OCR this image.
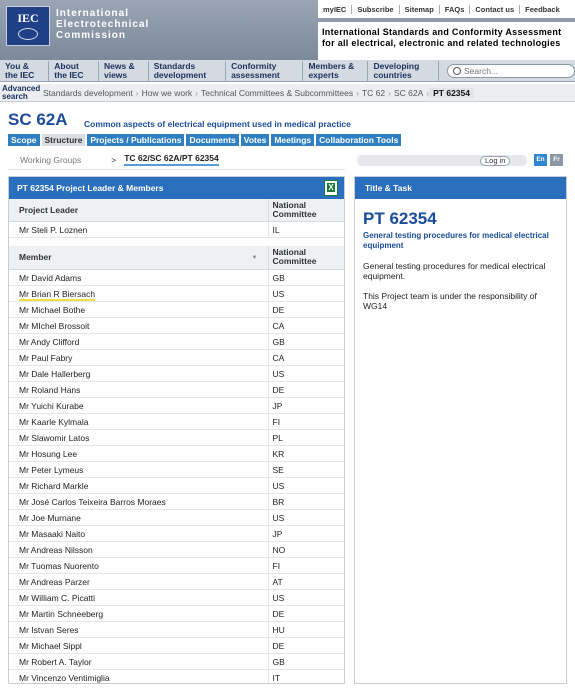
IEC	International Electrotechnical Commission
myIEC	Subscribe	Sitemap	FAQs	Contact us	Feedback
International Standards and Conformity Assessment for all electrical, electronic and related technologies
You & the IEC
About the IEC
News & views
Standards development
Conformity assessment
Members & experts
Developing countries
Search...
Advanced search	Standards development › How we work › Technical Committees & Subcommittees › TC 62 › SC 62A › PT 62354
SC 62A Common aspects of electrical equipment used in medical practice
Scope Structure Projects / Publications Documents Votes Meetings Collaboration Tools
Working Groups	> TC 62/SC 62A/PT 62354	Log in	En	Fr
PT 62354 Project Leader & Members
X
Project Leader	National Committee
Mr Steli P. Loznen	IL

Member ▼	National Committee
Mr David Adams	GB
Mr Brian R Biersach	US
Mr Michael Bothe	DE
Mr MIchel Brossoit	CA
Mr Andy Clifford	GB
Mr Paul Fabry	CA
Mr Dale Hallerberg	US
Mr Roland Hans	DE
Mr Yuichi Kurabe	JP
Mr Kaarle Kylmala	FI
Mr Slawomir Latos	PL
Mr Hosung Lee	KR
Mr Peter Lymeus	SE
Mr Richard Markle	US
Mr José Carlos Teixeira Barros Moraes	BR
Mr Joe Murnane	US
Mr Masaaki Naito	JP
Mr Andreas Nilsson	NO
Mr Tuomas Nuorento	FI
Mr Andreas Parzer	AT
Mr William C. Picatti	US
Mr Martin Schneeberg	DE
Mr Istvan Seres	HU
Mr Michael Sippl	DE
Mr Robert A. Taylor	GB
Mr Vincenzo Ventimiglia	IT
Title & Task
PT 62354
General testing procedures for medical electrical equipment
General testing procedures for medical electrical equipment.
This Project team is under the responsibility of WG14
